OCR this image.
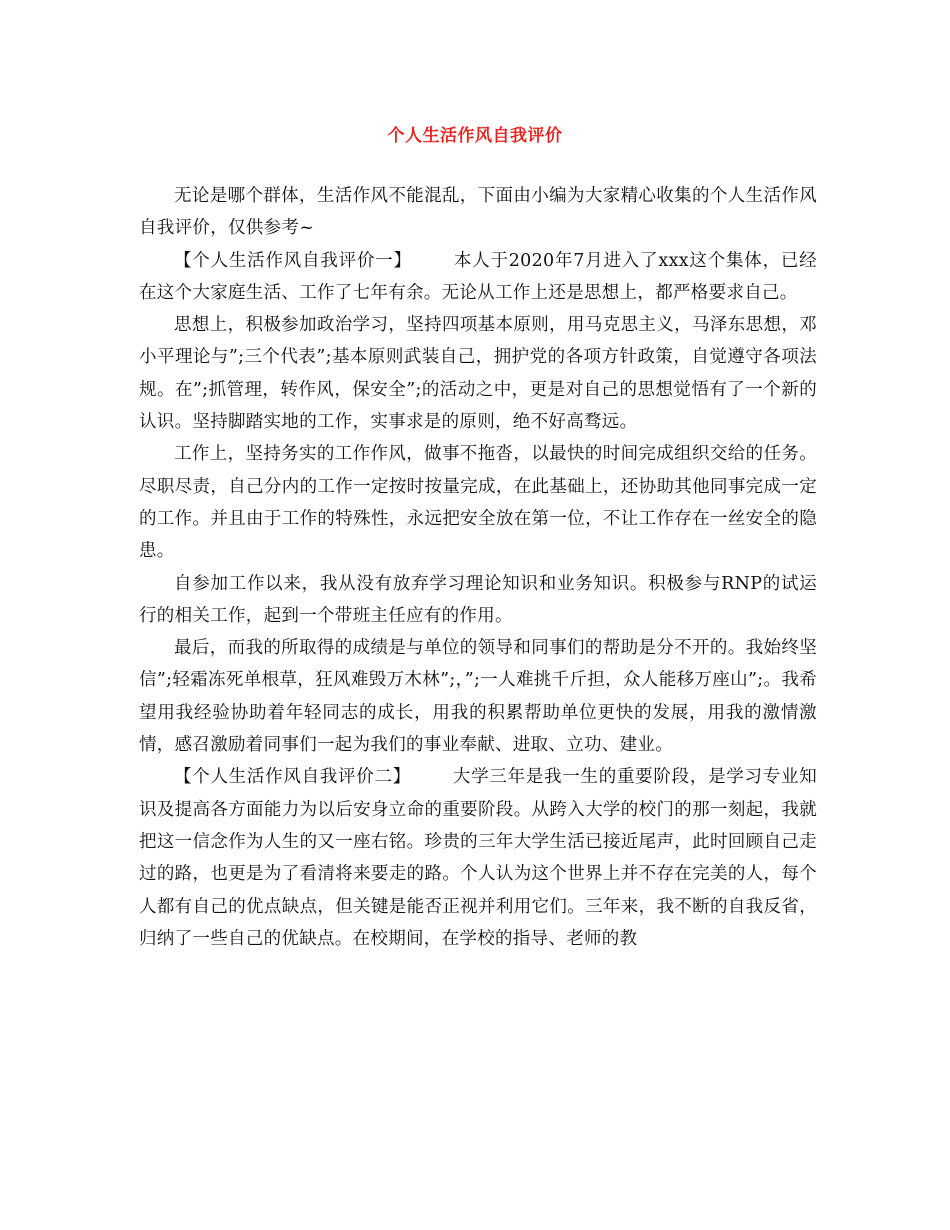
个人生活作风自我评价

无论是哪个群体，生活作风不能混乱，下面由小编为大家精心收集的个人生活作风自我评价，仅供参考~

【个人生活作风自我评价一】 本人于2020年7月进入了xxx这个集体，已经在这个大家庭生活、工作了七年有余。无论从工作上还是思想上，都严格要求自己。

思想上，积极参加政治学习，坚持四项基本原则，用马克思主义，马泽东思想，邓小平理论与”;三个代表”;基本原则武装自己，拥护党的各项方针政策，自觉遵守各项法规。在”;抓管理，转作风，保安全”;的活动之中，更是对自己的思想觉悟有了一个新的认识。坚持脚踏实地的工作，实事求是的原则，绝不好高骛远。

工作上，坚持务实的工作作风，做事不拖沓，以最快的时间完成组织交给的任务。尽职尽责，自己分内的工作一定按时按量完成，在此基础上，还协助其他同事完成一定的工作。并且由于工作的特殊性，永远把安全放在第一位，不让工作存在一丝安全的隐患。

自参加工作以来，我从没有放弃学习理论知识和业务知识。积极参与RNP的试运行的相关工作，起到一个带班主任应有的作用。

最后，而我的所取得的成绩是与单位的领导和同事们的帮助是分不开的。我始终坚信”;轻霜冻死单根草，狂风难毁万木林”;，”;一人难挑千斤担，众人能移万座山”;。我希望用我经验协助着年轻同志的成长，用我的积累帮助单位更快的发展，用我的激情激情，感召激励着同事们一起为我们的事业奉献、进取、立功、建业。

【个人生活作风自我评价二】 大学三年是我一生的重要阶段，是学习专业知识及提高各方面能力为以后安身立命的重要阶段。从跨入大学的校门的那一刻起，我就把这一信念作为人生的又一座右铭。珍贵的三年大学生活已接近尾声，此时回顾自己走过的路，也更是为了看清将来要走的路。个人认为这个世界上并不存在完美的人，每个人都有自己的优点缺点，但关键是能否正视并利用它们。三年来，我不断的自我反省，归纳了一些自己的优缺点。在校期间，在学校的指导、老师的教
